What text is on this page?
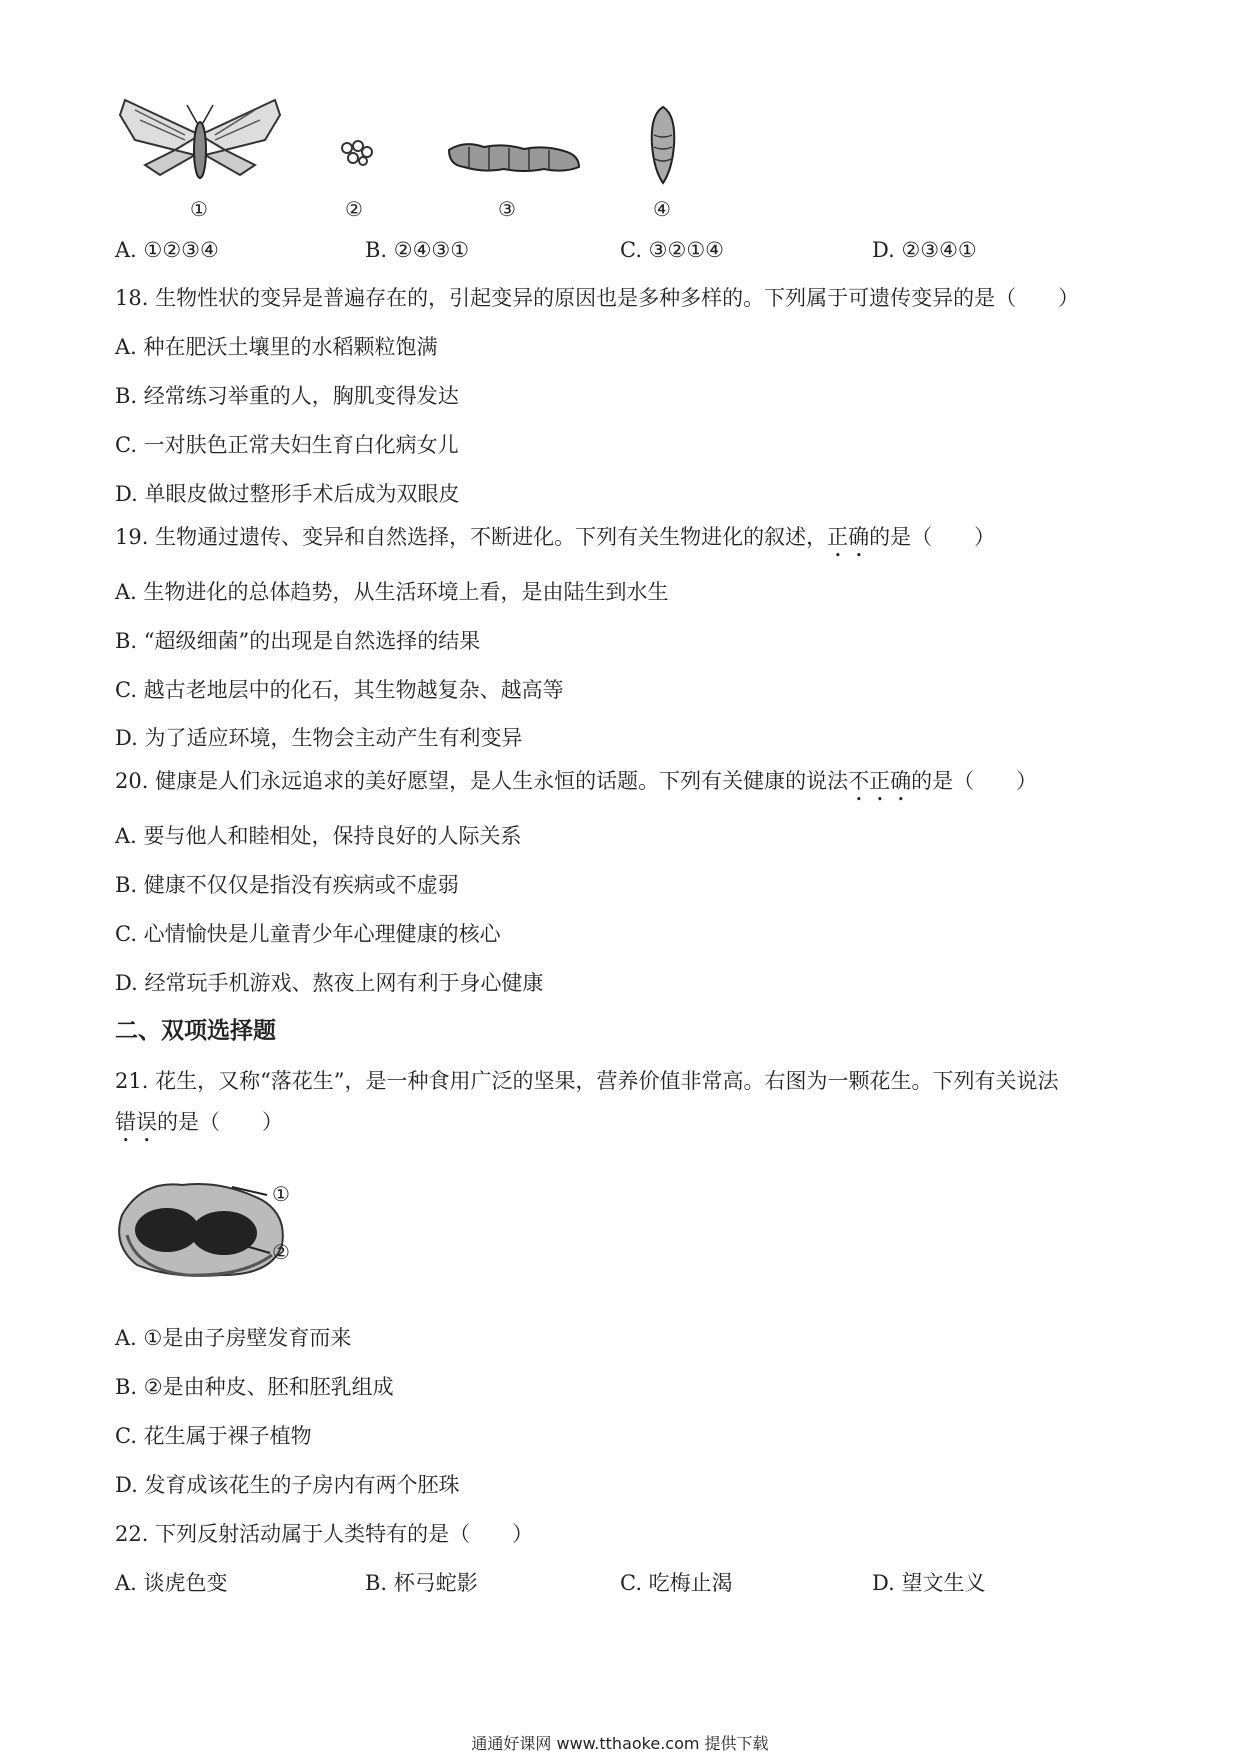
①	②	③	④
A. ①②③④	B. ②④③①	C. ③②①④	D. ②③④①
18. 生物性状的变异是普遍存在的，引起变异的原因也是多种多样的。下列属于可遗传变异的是（　　）
A. 种在肥沃土壤里的水稻颗粒饱满
B. 经常练习举重的人，胸肌变得发达
C. 一对肤色正常夫妇生育白化病女儿
D. 单眼皮做过整形手术后成为双眼皮
19. 生物通过遗传、变异和自然选择，不断进化。下列有关生物进化的叙述，正确的是（　　）
A. 生物进化的总体趋势，从生活环境上看，是由陆生到水生
B. “超级细菌”的出现是自然选择的结果
C. 越古老地层中的化石，其生物越复杂、越高等
D. 为了适应环境，生物会主动产生有利变异
20. 健康是人们永远追求的美好愿望，是人生永恒的话题。下列有关健康的说法不正确的是（　　）
A. 要与他人和睦相处，保持良好的人际关系
B. 健康不仅仅是指没有疾病或不虚弱
C. 心情愉快是儿童青少年心理健康的核心
D. 经常玩手机游戏、熬夜上网有利于身心健康
二、双项选择题
21. 花生，又称“落花生”，是一种食用广泛的坚果，营养价值非常高。右图为一颗花生。下列有关说法
错误的是（　　）
①
②
A. ①是由子房壁发育而来
B. ②是由种皮、胚和胚乳组成
C. 花生属于裸子植物
D. 发育成该花生的子房内有两个胚珠
22. 下列反射活动属于人类特有的是（　　）
A. 谈虎色变	B. 杯弓蛇影	C. 吃梅止渴	D. 望文生义
通通好课网 www.tthaoke.com 提供下载
